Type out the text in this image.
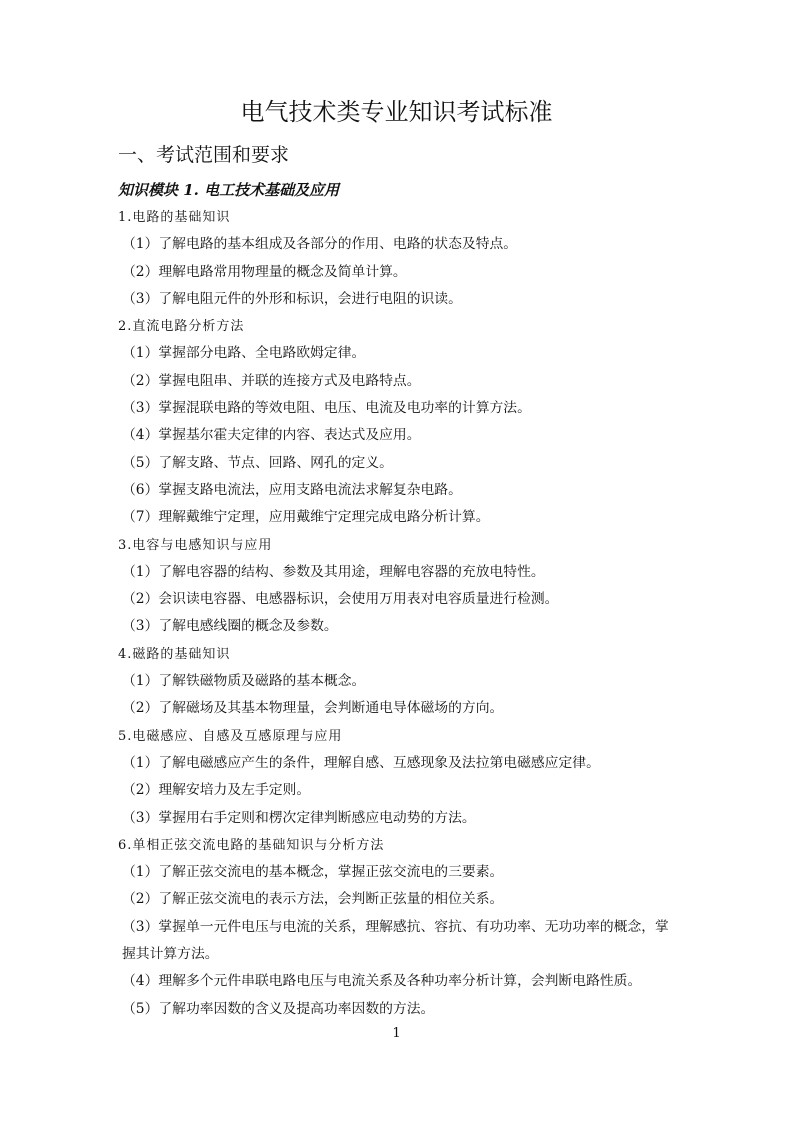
电气技术类专业知识考试标准
一、考试范围和要求
知识模块 1. 电工技术基础及应用

1.电路的基础知识

（1）了解电路的基本组成及各部分的作用、电路的状态及特点。

（2）理解电路常用物理量的概念及简单计算。

（3）了解电阻元件的外形和标识，会进行电阻的识读。

2.直流电路分析方法

（1）掌握部分电路、全电路欧姆定律。

（2）掌握电阻串、并联的连接方式及电路特点。

（3）掌握混联电路的等效电阻、电压、电流及电功率的计算方法。

（4）掌握基尔霍夫定律的内容、表达式及应用。

（5）了解支路、节点、回路、网孔的定义。

（6）掌握支路电流法，应用支路电流法求解复杂电路。

（7）理解戴维宁定理，应用戴维宁定理完成电路分析计算。

3.电容与电感知识与应用

（1）了解电容器的结构、参数及其用途，理解电容器的充放电特性。

（2）会识读电容器、电感器标识，会使用万用表对电容质量进行检测。

（3）了解电感线圈的概念及参数。

4.磁路的基础知识

（1）了解铁磁物质及磁路的基本概念。

（2）了解磁场及其基本物理量，会判断通电导体磁场的方向。

5.电磁感应、自感及互感原理与应用

（1）了解电磁感应产生的条件，理解自感、互感现象及法拉第电磁感应定律。

（2）理解安培力及左手定则。

（3）掌握用右手定则和楞次定律判断感应电动势的方法。

6.单相正弦交流电路的基础知识与分析方法

（1）了解正弦交流电的基本概念，掌握正弦交流电的三要素。

（2）了解正弦交流电的表示方法，会判断正弦量的相位关系。

（3）掌握单一元件电压与电流的关系，理解感抗、容抗、有功功率、无功功率的概念，掌握其计算方法。

（4）理解多个元件串联电路电压与电流关系及各种功率分析计算，会判断电路性质。

（5）了解功率因数的含义及提高功率因数的方法。

1
